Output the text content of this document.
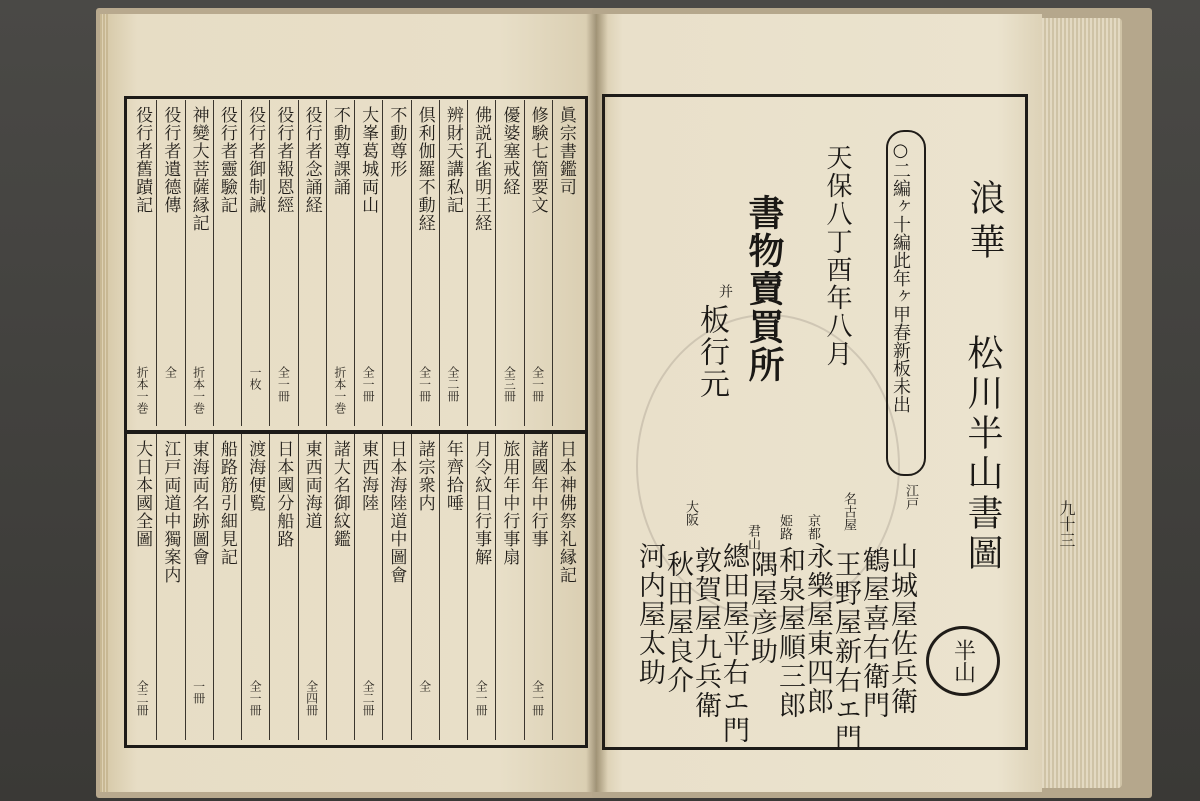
眞宗書鑑司
修験七箇要文
優婆塞戒経
佛説孔雀明王経
辨財天講私記
倶利伽羅不動経
不動尊形
大峯葛城両山
不動尊課誦
役行者念誦経
役行者報恩經
役行者御制誡
役行者靈驗記
神變大菩薩縁記
役行者遺德傳
役行者舊蹟記
全一冊
全三冊
全二冊
全一冊
全一冊
折本一巻
全一冊
一枚
折本一巻
全
折本一巻
日本神佛祭礼縁記
諸國年中行事
旅用年中行事扇
月令紋日行事解
年齊拾唾
諸宗衆内
日本海陸道中圖會
東西海陸
諸大名御紋鑑
東西両海道
日本國分船路
渡海便覧
船路筋引細見記
東海両名跡圖會
江戸両道中獨案内
大日本國全圖
全一冊
全一冊
全
全二冊
全四冊
全一冊
一冊
全二冊
○二編ヶ十編此年ヶ甲春新板未出
天保八丁酉年八月
書物賣買所
并
板行元
浪華
松川半山書圖
半山
江戸
名古屋
京都
姫路
君山
大阪
山城屋佐兵衛
鶴屋喜右衛門
王野屋新右エ門
永樂屋東四郎
和泉屋順三郎
隅屋彦助
總田屋平右エ門
敦賀屋九兵衛
秋田屋良介
河内屋太助
九十三
